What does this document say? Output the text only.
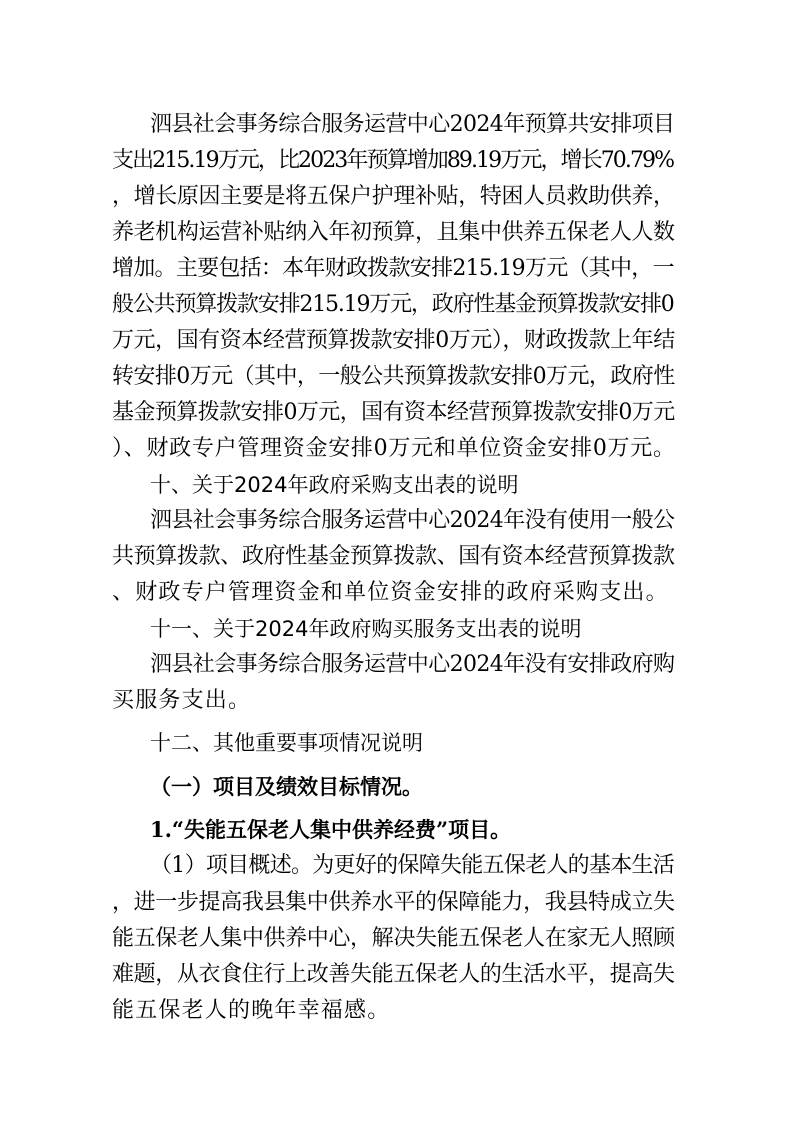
泗县社会事务综合服务运营中心2024年预算共安排项目
支出215.19万元，比2023年预算增加89.19万元，增长70.79%
，增长原因主要是将五保户护理补贴，特困人员救助供养，
养老机构运营补贴纳入年初预算，且集中供养五保老人人数
增加。主要包括：本年财政拨款安排215.19万元（其中，一
般公共预算拨款安排215.19万元，政府性基金预算拨款安排0
万元，国有资本经营预算拨款安排0万元），财政拨款上年结
转安排0万元（其中，一般公共预算拨款安排0万元，政府性
基金预算拨款安排0万元，国有资本经营预算拨款安排0万元
）、财政专户管理资金安排0万元和单位资金安排0万元。
十、关于2024年政府采购支出表的说明
泗县社会事务综合服务运营中心2024年没有使用一般公
共预算拨款、政府性基金预算拨款、国有资本经营预算拨款
、财政专户管理资金和单位资金安排的政府采购支出。
十一、关于2024年政府购买服务支出表的说明
泗县社会事务综合服务运营中心2024年没有安排政府购
买服务支出。
十二、其他重要事项情况说明
（一）项目及绩效目标情况。
1.“失能五保老人集中供养经费”项目。
（1）项目概述。为更好的保障失能五保老人的基本生活
，进一步提高我县集中供养水平的保障能力，我县特成立失
能五保老人集中供养中心，解决失能五保老人在家无人照顾
难题，从衣食住行上改善失能五保老人的生活水平，提高失
能五保老人的晚年幸福感。
